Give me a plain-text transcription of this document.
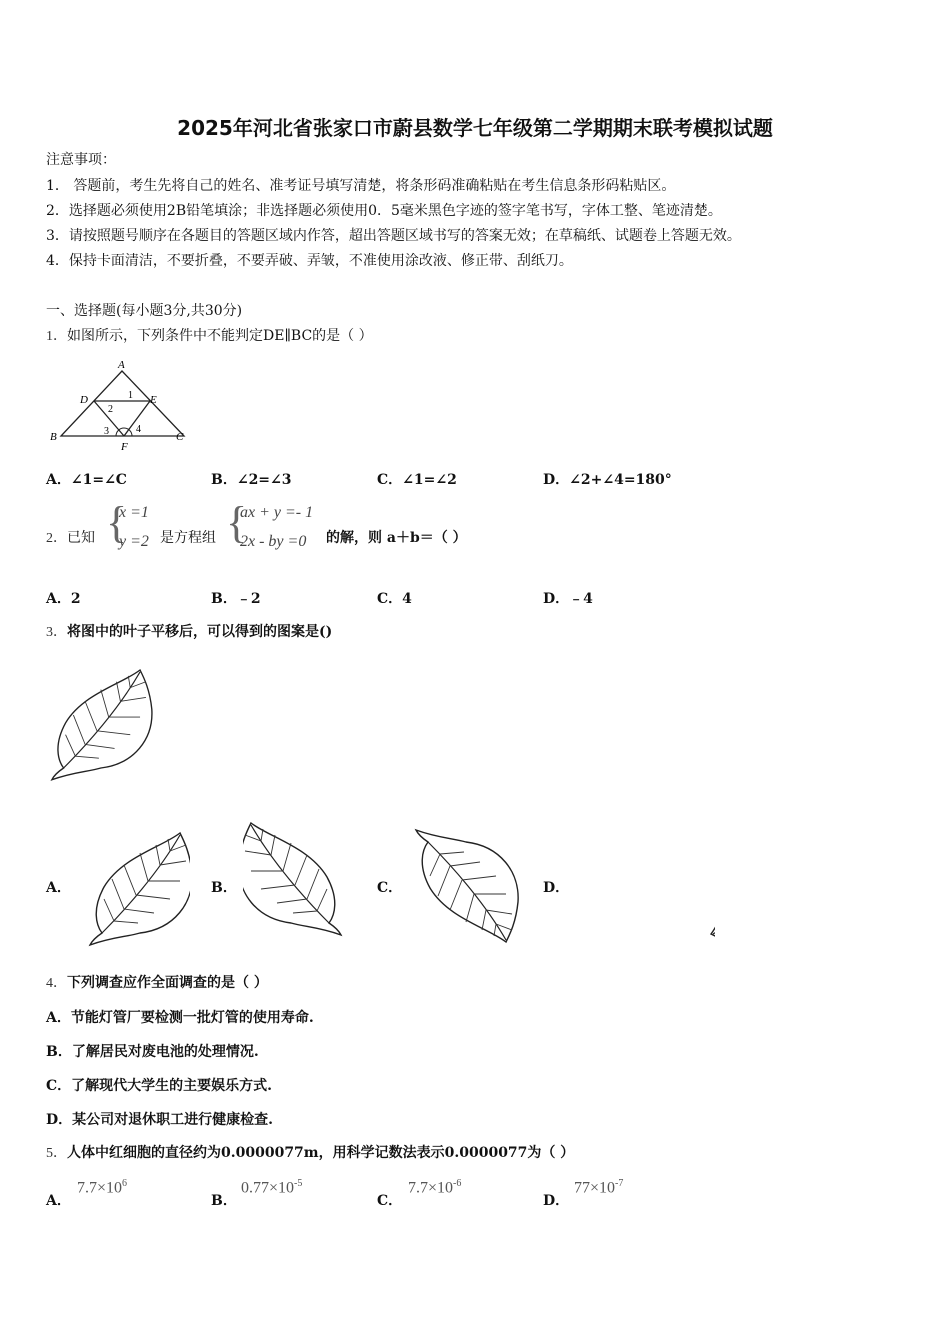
2025年河北省张家口市蔚县数学七年级第二学期期末联考模拟试题
注意事项：
1． 答题前，考生先将自己的姓名、准考证号填写清楚，将条形码准确粘贴在考生信息条形码粘贴区。
2．选择题必须使用2B铅笔填涂；非选择题必须使用0．5毫米黑色字迹的签字笔书写，字体工整、笔迹清楚。
3．请按照题号顺序在各题目的答题区域内作答，超出答题区域书写的答案无效；在草稿纸、试题卷上答题无效。
4．保持卡面清洁，不要折叠，不要弄破、弄皱，不准使用涂改液、修正带、刮纸刀。
一、选择题(每小题3分,共30分)
1．如图所示，下列条件中不能判定DE∥BC的是（ ）
A
B	C
D	E
F
1
2
3	4
A．∠1=∠C	B．∠2=∠3	C．∠1=∠2	D．∠2+∠4=180°
2．已知 {
x =1
y =2 是方程组 {
ax + y =- 1
2x - by =0 的解，则 a＋b＝（ ）
A．2	B．﹣2	C．4	D．﹣4
3．将图中的叶子平移后，可以得到的图案是()
A．	B．	C．	D．
4．下列调查应作全面调查的是（ ）
A．节能灯管厂要检测一批灯管的使用寿命.
B．了解居民对废电池的处理情况.
C．了解现代大学生的主要娱乐方式.
D．某公司对退休职工进行健康检查.
5．人体中红细胞的直径约为0.0000077m，用科学记数法表示0.0000077为（ ）
A．
$7.7\times 10^6$
B．
$0.77\times 10^{-5}$
C．
$7.7\times 10^{-6}$
D．
$77\times 10^{-7}$
